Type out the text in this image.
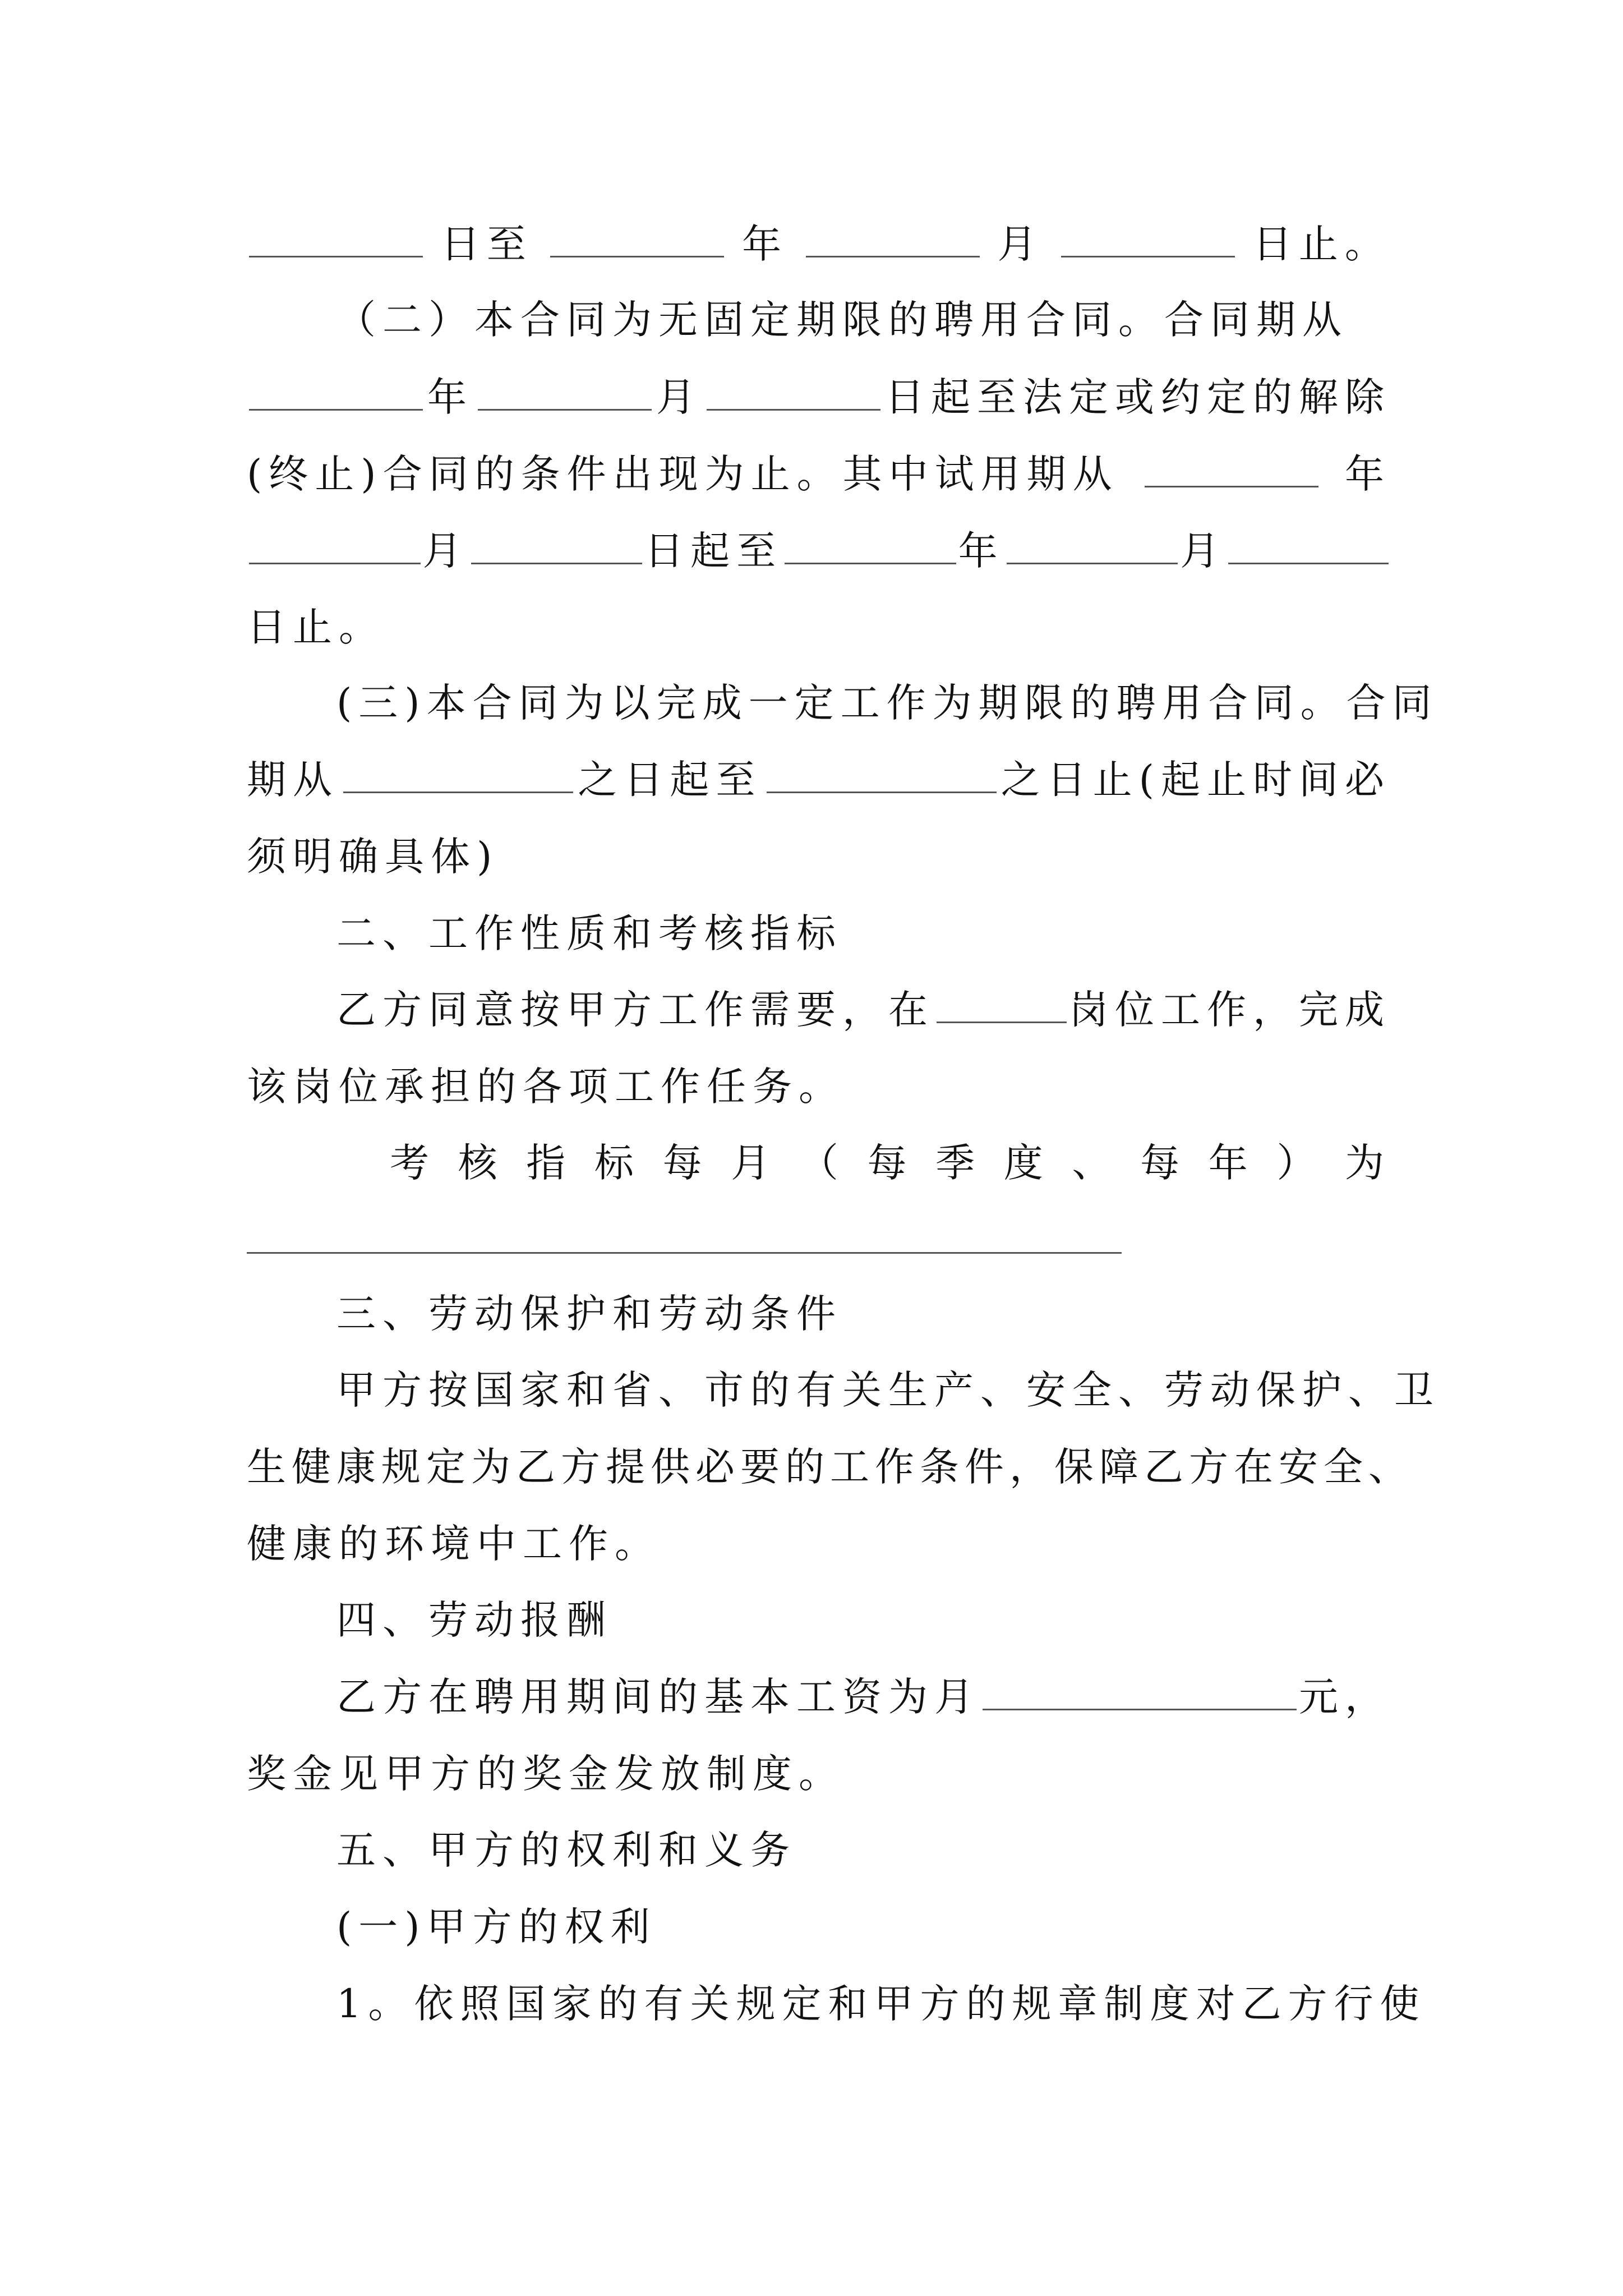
日至	年	月	日止。
（二）本合同为无固定期限的聘用合同。合同期从
年	月	日起至法定或约定的解除
(终止)合同的条件出现为止。其中试用期从	年
月	日起至	年	月
日止。
(三)本合同为以完成一定工作为期限的聘用合同。合同
期从	之日起至	之日止(起止时间必
须明确具体)
二、工作性质和考核指标
乙方同意按甲方工作需要，在	岗位工作，完成
该岗位承担的各项工作任务。
考 核 指 标 每 月 （ 每 季 度 、 每 年 ） 为
三、劳动保护和劳动条件
甲方按国家和省、市的有关生产、安全、劳动保护、卫
生健康规定为乙方提供必要的工作条件，保障乙方在安全、
健康的环境中工作。
四、劳动报酬
乙方在聘用期间的基本工资为月	元，
奖金见甲方的奖金发放制度。
五、甲方的权利和义务
(一)甲方的权利
1。依照国家的有关规定和甲方的规章制度对乙方行使
